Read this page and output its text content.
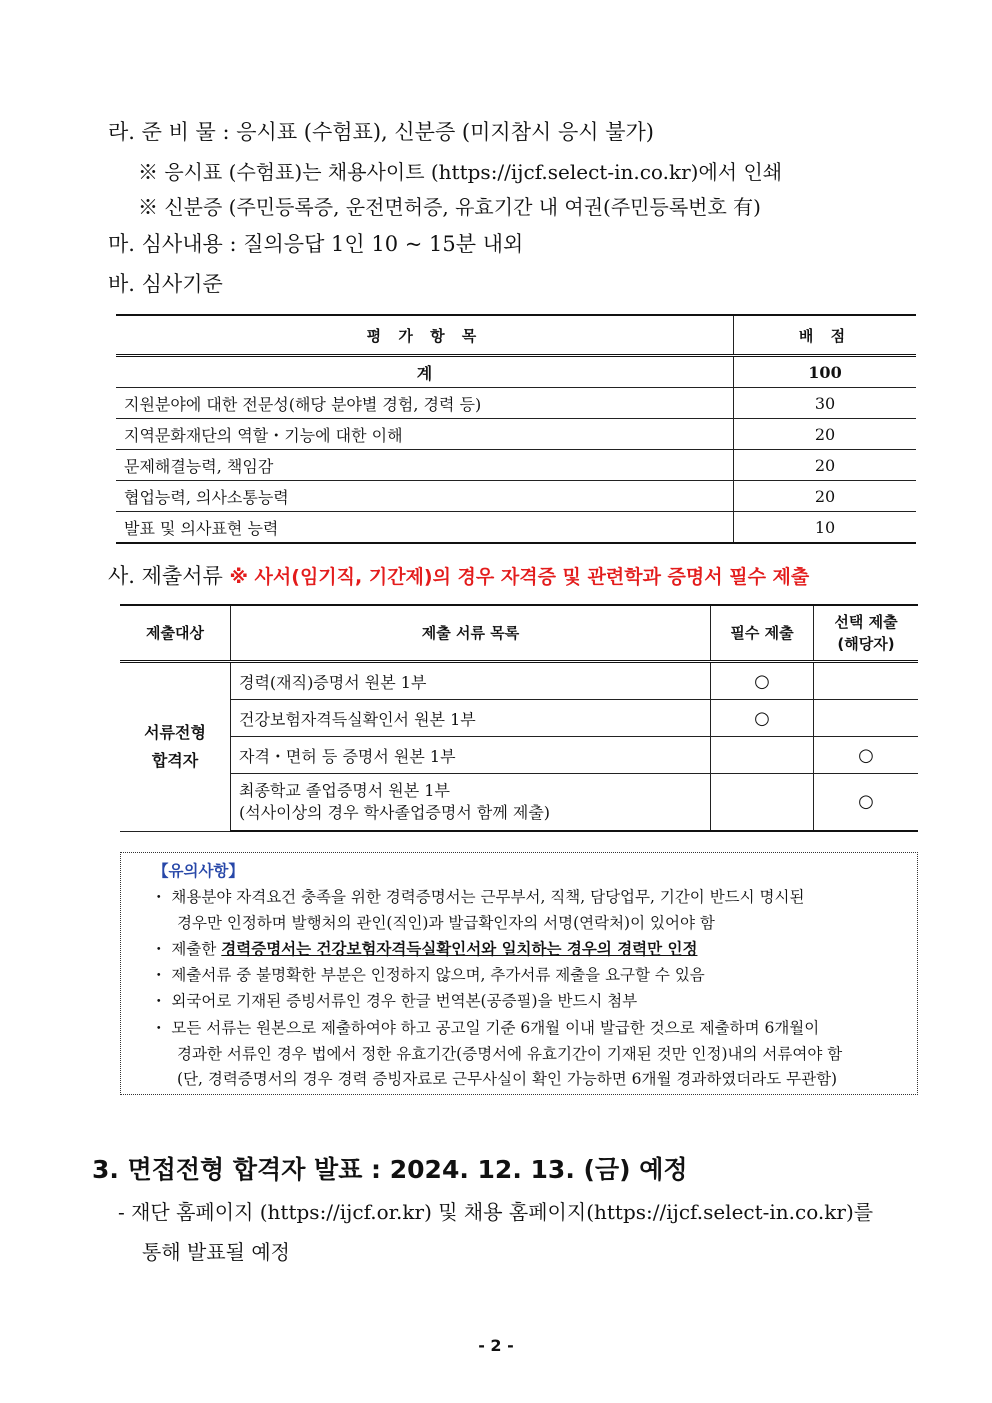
라. 준 비 물 : 응시표 (수험표), 신분증 (미지참시 응시 불가)
※ 응시표 (수험표)는 채용사이트 (https://ijcf.select-in.co.kr)에서 인쇄
※ 신분증 (주민등록증, 운전면허증, 유효기간 내 여권(주민등록번호 有)
마. 심사내용 : 질의응답 1인 10 ~ 15분 내외
바. 심사기준
평 가 항 목	배 점
계	100
지원분야에 대한 전문성(해당 분야별 경험, 경력 등)	30
지역문화재단의 역할・기능에 대한 이해	20
문제해결능력, 책임감	20
협업능력, 의사소통능력	20
발표 및 의사표현 능력	10
사. 제출서류 ※ 사서(임기직, 기간제)의 경우 자격증 및 관련학과 증명서 필수 제출
제출대상	제출 서류 목록	필수 제출	선택 제출
(해당자)

서류전형
합격자	경력(재직)증명서 원본 1부	○	
	건강보험자격득실확인서 원본 1부	○	
	자격・면허 등 증명서 원본 1부		○

	최종학교 졸업증명서 원본 1부
(석사이상의 경우 학사졸업증명서 함께 제출)		○
【유의사항】
・ 채용분야 자격요건 충족을 위한 경력증명서는 근무부서, 직책, 담당업무, 기간이 반드시 명시된
경우만 인정하며 발행처의 관인(직인)과 발급확인자의 서명(연락처)이 있어야 함
・ 제출한 경력증명서는 건강보험자격득실확인서와 일치하는 경우의 경력만 인정
・ 제출서류 중 불명확한 부분은 인정하지 않으며, 추가서류 제출을 요구할 수 있음
・ 외국어로 기재된 증빙서류인 경우 한글 번역본(공증필)을 반드시 첨부
・ 모든 서류는 원본으로 제출하여야 하고 공고일 기준 6개월 이내 발급한 것으로 제출하며 6개월이
경과한 서류인 경우 법에서 정한 유효기간(증명서에 유효기간이 기재된 것만 인정)내의 서류여야 함
(단, 경력증명서의 경우 경력 증빙자료로 근무사실이 확인 가능하면 6개월 경과하였더라도 무관함)
3. 면접전형 합격자 발표 : 2024. 12. 13. (금) 예정
- 재단 홈페이지 (https://ijcf.or.kr) 및 채용 홈페이지(https://ijcf.select-in.co.kr)를
통해 발표될 예정
- 2 -
